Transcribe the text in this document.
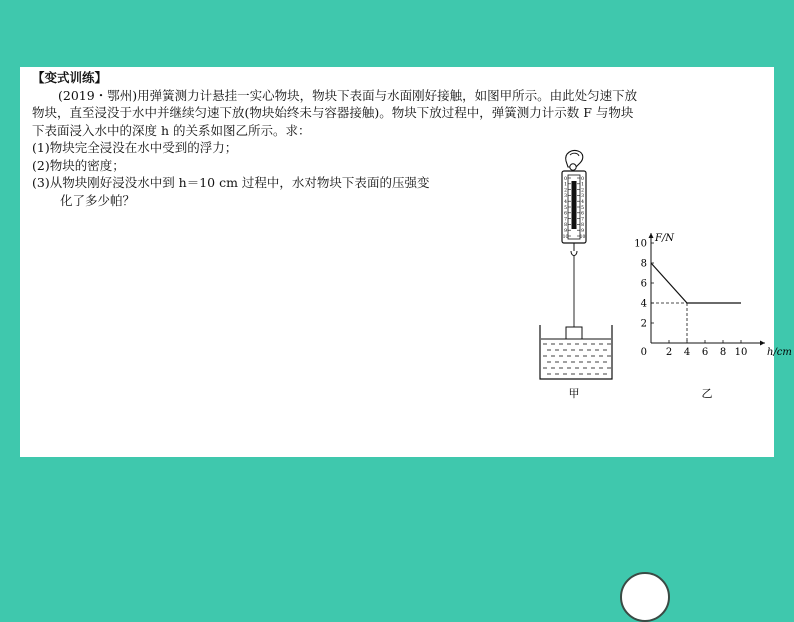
【变式训练】
(2019・鄂州)用弹簧测力计悬挂一实心物块，物块下表面与水面刚好接触，如图甲所示。由此处匀速下放
物块，直至浸没于水中并继续匀速下放(物块始终未与容器接触)。物块下放过程中，弹簧测力计示数 F 与物块
下表面浸入水中的深度 h 的关系如图乙所示。求：
(1)物块完全浸没在水中受到的浮力；
(2)物块的密度；
(3)从物块刚好浸没水中到 h＝10 cm 过程中，水对物块下表面的压强变
化了多少帕？
0
1
2
3
4
5
6
7
8
9
10
0
1
2
3
4
5
6
7
8
9
10
甲
2 4 6 8 10
2
4
6
8
10
0
F/N
h/cm
乙
